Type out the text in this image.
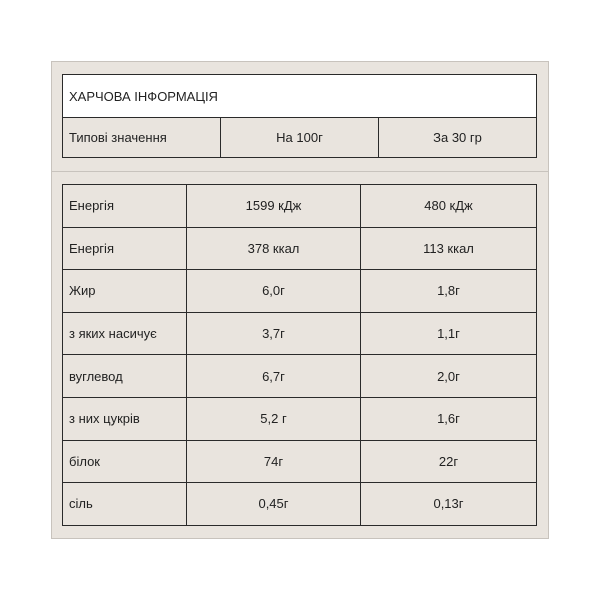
ХАРЧОВА ІНФОРМАЦІЯ
Типові значення	На 100г	За 30 гр
Енергія	1599 кДж	480 кДж
Енергія	378 ккал	113 ккал
Жир	6,0г	1,8г
з яких насичує	3,7г	1,1г
вуглевод	6,7г	2,0г
з них цукрів	5,2 г	1,6г
білок	74г	22г
сіль	0,45г	0,13г
